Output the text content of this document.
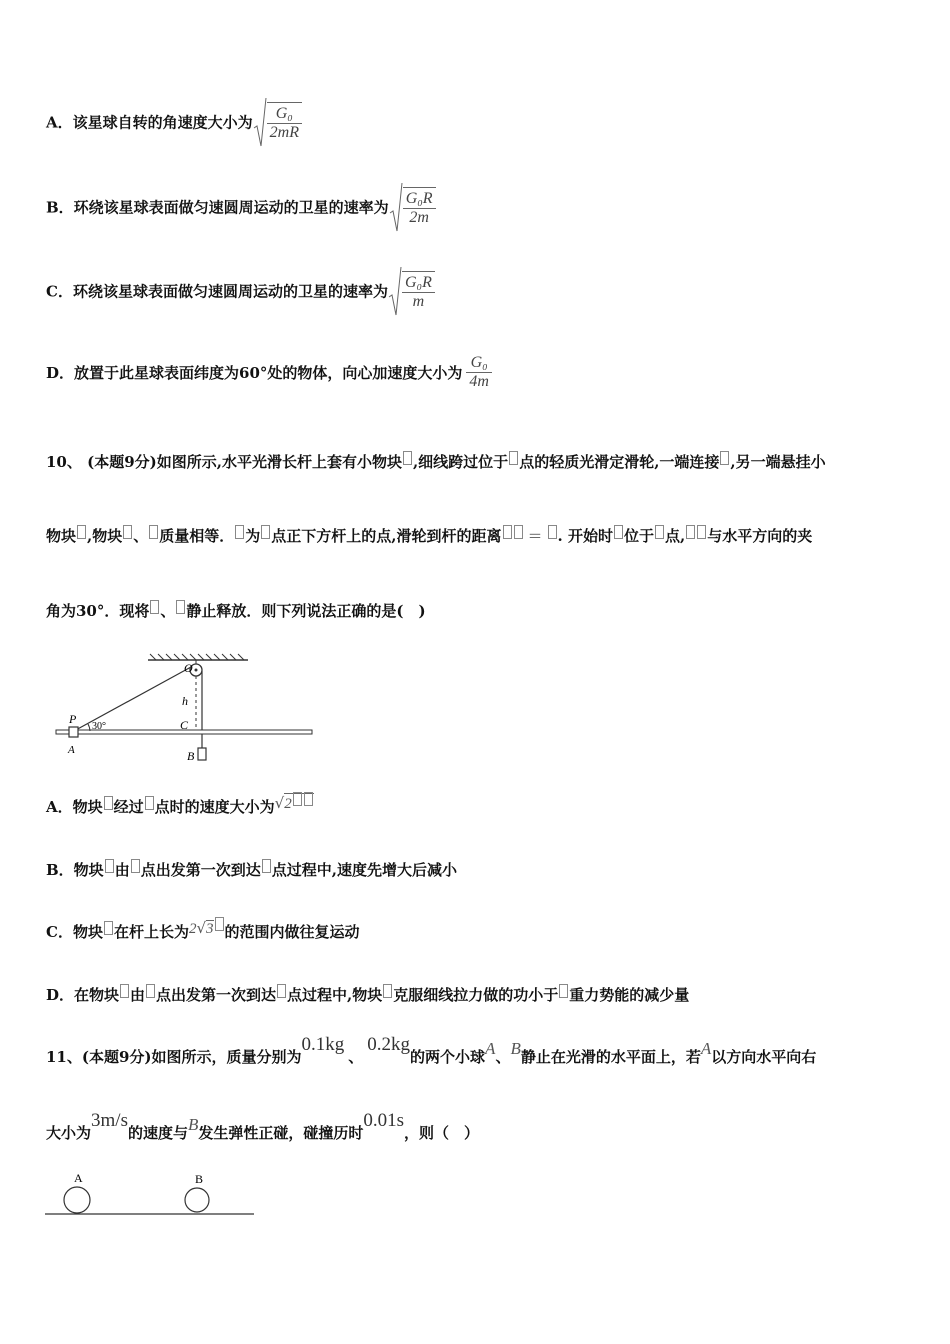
A．该星球自转的角速度大小为 $\frac{\text{G₀}}{2mR}$
B．环绕该星球表面做匀速圆周运动的卫星的速率为 $\frac{\text{G₀R}}{2m}$
C．环绕该星球表面做匀速圆周运动的卫星的速率为 $\frac{\text{G₀R}}{m}$
D．放置于此星球表面纬度为60°处的物体，向心加速度大小为 $\frac{\text{G₀}}{4m}$
10、 (本题9分)如图所示,水平光滑长杆上套有小物块 ,细线跨过位于 点的轻质光滑定滑轮,一端连接 ,另一端悬挂小
物块 ,物块 、 质量相等． 为 点正下方杆上的点,滑轮到杆的距离 ＝ . 开始时 位于 点, 与水平方向的夹
角为30°．现将 、 静止释放．则下列说法正确的是(　)
O
h
P
A
C
B
30°
A．物块 经过 点时的速度大小为√2
B．物块 由 点出发第一次到达 点过程中,速度先增大后减小
C．物块 在杆上长为2√3 的范围内做往复运动
D．在物块 由 点出发第一次到达 点过程中,物块 克服细线拉力做的功小于 重力势能的减少量
11、(本题9分)如图所示，质量分别为0.1kg、0.2kg的两个小球A、B静止在光滑的水平面上，若A以方向水平向右
大小为3m/s的速度与B发生弹性正碰，碰撞历时0.01s，则（　）
A	B
